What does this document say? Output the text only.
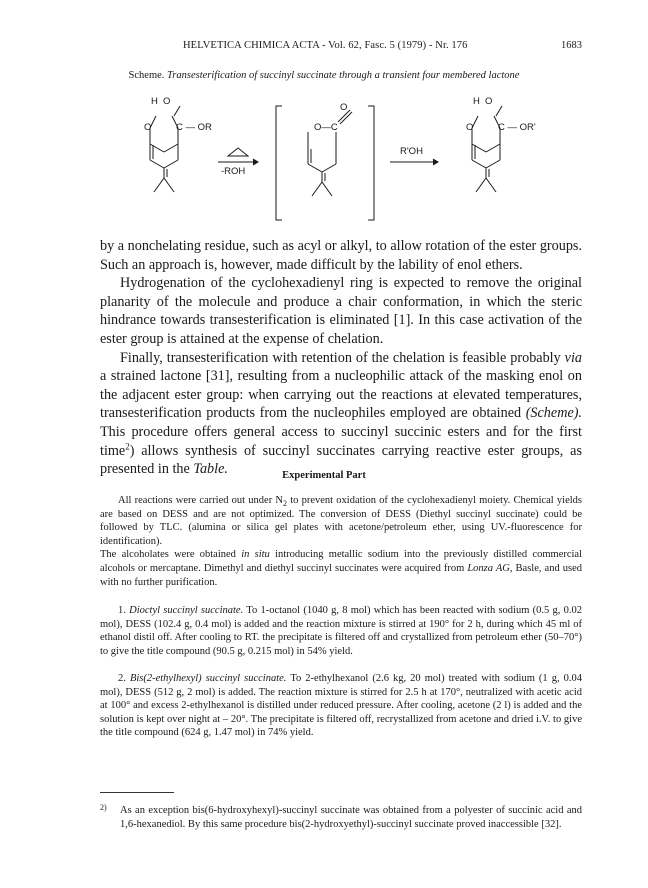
HELVETICA CHIMICA ACTA - Vol. 62, Fasc. 5 (1979) - Nr. 176	1683
Scheme. Transesterification of succinyl succinate through a transient four membered lactone
H O
O	C — OR
-ROH
O
O—C
R'OH
H O
O	C — OR'

by a nonchelating residue, such as acyl or alkyl, to allow rotation of the ester groups. Such an approach is, however, made difficult by the lability of enol ethers.

Hydrogenation of the cyclohexadienyl ring is expected to remove the original planarity of the molecule and produce a chair conformation, in which the steric hindrance towards transesterification is eliminated [1]. In this case activation of the ester group is attained at the expense of chelation.

Finally, transesterification with retention of the chelation is feasible probably via a strained lactone [31], resulting from a nucleophilic attack of the masking enol on the adjacent ester group: when carrying out the reactions at elevated temperatures, transesterification products from the nucleophiles employed are obtained (Scheme). This procedure offers general access to succinyl succinic esters and for the first time$^2$) allows synthesis of succinyl succinates carrying reactive ester groups, as presented in the Table.	Experimental Part

All reactions were carried out under $N_2$ to prevent oxidation of the cyclohexadienyl moiety. Chemical yields are based on DESS and are not optimized. The conversion of DESS (Diethyl succinyl succinate) could be followed by TLC. (alumina or silica gel plates with acetone/petroleum ether, using UV.-fluorescence for identification).

The alcoholates were obtained in situ introducing metallic sodium into the previously distilled commercial alcohols or mercaptane. Dimethyl and diethyl succinyl succinates were acquired from Lonza AG, Basle, and used with no further purification.

1. Dioctyl succinyl succinate. To 1-octanol (1040 g, 8 mol) which has been reacted with sodium (0.5 g, 0.02 mol), DESS (102.4 g, 0.4 mol) is added and the reaction mixture is stirred at 190° for 2 h, during which 45 ml of ethanol distil off. After cooling to RT. the precipitate is filtered off and crystallized from petroleum ether (50–70°) to give the title compound (90.5 g, 0.215 mol) in 54% yield.

2. Bis(2-ethylhexyl) succinyl succinate. To 2-ethylhexanol (2.6 kg, 20 mol) treated with sodium (1 g, 0.04 mol), DESS (512 g, 2 mol) is added. The reaction mixture is stirred for 2.5 h at 170°, neutralized with acetic acid at 100° and excess 2-ethylhexanol is distilled under reduced pressure. After cooling, acetone (2 l) is added and the solution is kept over night at – 20°. The precipitate is filtered off, recrystallized from acetone and dried i.V. to give the title compound (624 g, 1.47 mol) in 74% yield.

2) As an exception bis(6-hydroxyhexyl)-succinyl succinate was obtained from a polyester of succinic acid and 1,6-hexanediol. By this same procedure bis(2-hydroxyethyl)-succinyl succinate proved inaccessible [32].
